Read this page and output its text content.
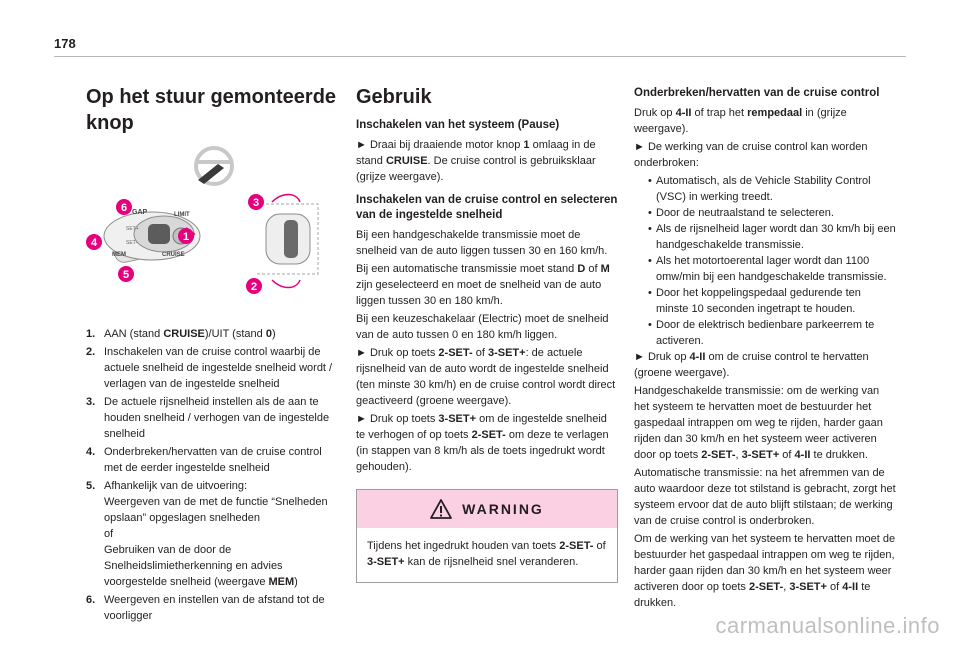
178
Op het stuur gemonteerde
knop
GAP	LIMIT
SET+
SET-
MEM	CRUISE
1
2
3
4
5
6
1. AAN (stand CRUISE)/UIT (stand 0)
2. Inschakelen van de cruise control waarbij de actuele snelheid de ingestelde snelheid wordt / verlagen van de ingestelde snelheid
3. De actuele rijsnelheid instellen als de aan te houden snelheid / verhogen van de ingestelde snelheid
4. Onderbreken/hervatten van de cruise control met de eerder ingestelde snelheid
5. Afhankelijk van de uitvoering:
Weergeven van de met de functie “Snelheden opslaan” opgeslagen snelheden
of
Gebruiken van de door de Snelheidslimietherkenning en advies voorgestelde snelheid (weergave MEM)
6. Weergeven en instellen van de afstand tot de voorligger
Gebruik
Inschakelen van het systeem (Pause)

► Draai bij draaiende motor knop 1 omlaag in de stand CRUISE. De cruise control is gebruiksklaar (grijze weergave).

Inschakelen van de cruise control en selecteren van de ingestelde snelheid

Bij een handgeschakelde transmissie moet de snelheid van de auto liggen tussen 30 en 160 km/h.

Bij een automatische transmissie moet stand D of M zijn geselecteerd en moet de snelheid van de auto liggen tussen 30 en 180 km/h.

Bij een keuzeschakelaar (Electric) moet de snelheid van de auto tussen 0 en 180 km/h liggen.

► Druk op toets 2-SET- of 3-SET+: de actuele rijsnelheid van de auto wordt de ingestelde snelheid (ten minste 30 km/h) en de cruise control wordt direct geactiveerd (groene weergave).

► Druk op toets 3-SET+ om de ingestelde snelheid te verhogen of op toets 2-SET- om deze te verlagen (in stappen van 8 km/h als de toets ingedrukt wordt gehouden).

WARNING
Tijdens het ingedrukt houden van toets 2-SET- of 3-SET+ kan de rijsnelheid snel veranderen.
Onderbreken/hervatten van de cruise control

Druk op 4-II of trap het rempedaal in (grijze weergave).

► De werking van de cruise control kan worden onderbroken:

• Automatisch, als de Vehicle Stability Control (VSC) in werking treedt.
• Door de neutraalstand te selecteren.
• Als de rijsnelheid lager wordt dan 30 km/h bij een handgeschakelde transmissie.
• Als het motortoerental lager wordt dan 1100 omw/min bij een handgeschakelde transmissie.
• Door het koppelingspedaal gedurende ten minste 10 seconden ingetrapt te houden.
• Door de elektrisch bedienbare parkeerrem te activeren.

► Druk op 4-II om de cruise control te hervatten (groene weergave).

Handgeschakelde transmissie: om de werking van het systeem te hervatten moet de bestuurder het gaspedaal intrappen om weg te rijden, harder gaan rijden dan 30 km/h en het systeem weer activeren door op toets 2-SET-, 3-SET+ of 4-II te drukken.

Automatische transmissie: na het afremmen van de auto waardoor deze tot stilstand is gebracht, zorgt het systeem ervoor dat de auto blijft stilstaan; de werking van de cruise control is onderbroken.

Om de werking van het systeem te hervatten moet de bestuurder het gaspedaal intrappen om weg te rijden, harder gaan rijden dan 30 km/h en het systeem weer activeren door op toets 2-SET-, 3-SET+ of 4-II te drukken.

carmanualsonline.info
